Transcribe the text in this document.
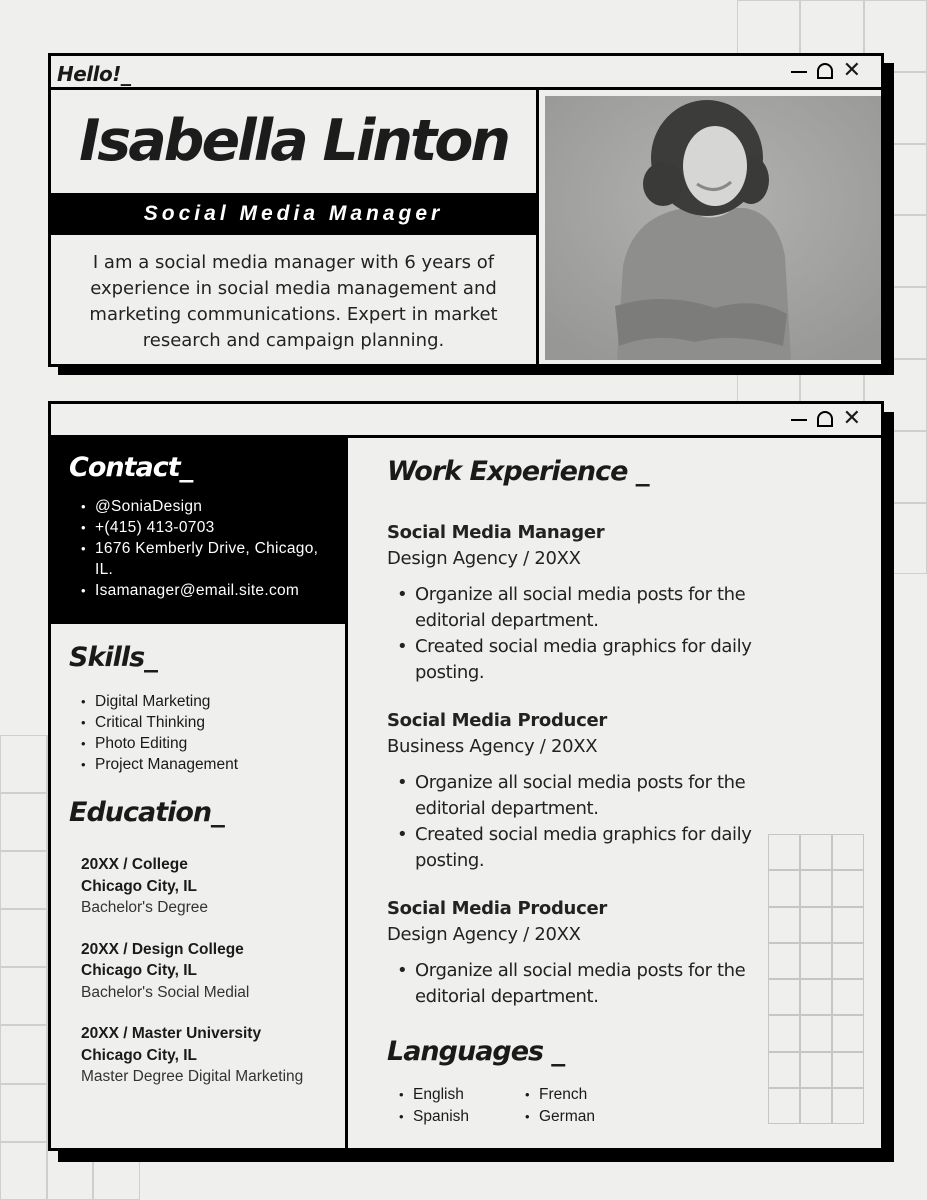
Hello!_	✕
Isabella Linton
Social Media Manager

I am a social media manager with 6 years of experience in social media management and marketing communications. Expert in market research and campaign planning.

✕
Contact_
• @SoniaDesign
• +(415) 413-0703
• 1676 Kemberly Drive, Chicago, IL.
• Isamanager@email.site.com
Skills_
• Digital Marketing
• Critical Thinking
• Photo Editing
• Project Management
Education_
20XX / College
Chicago City, IL
Bachelor's Degree
20XX / Design College
Chicago City, IL
Bachelor's Social Medial
20XX / Master University
Chicago City, IL
Master Degree Digital Marketing
Work Experience _
Social Media Manager
Design Agency / 20XX
• Organize all social media posts for the editorial department.
• Created social media graphics for daily posting.
Social Media Producer
Business Agency / 20XX
• Organize all social media posts for the editorial department.
• Created social media graphics for daily posting.
Social Media Producer
Design Agency / 20XX
• Organize all social media posts for the editorial department.
Languages _
• English	• French
• Spanish	• German
